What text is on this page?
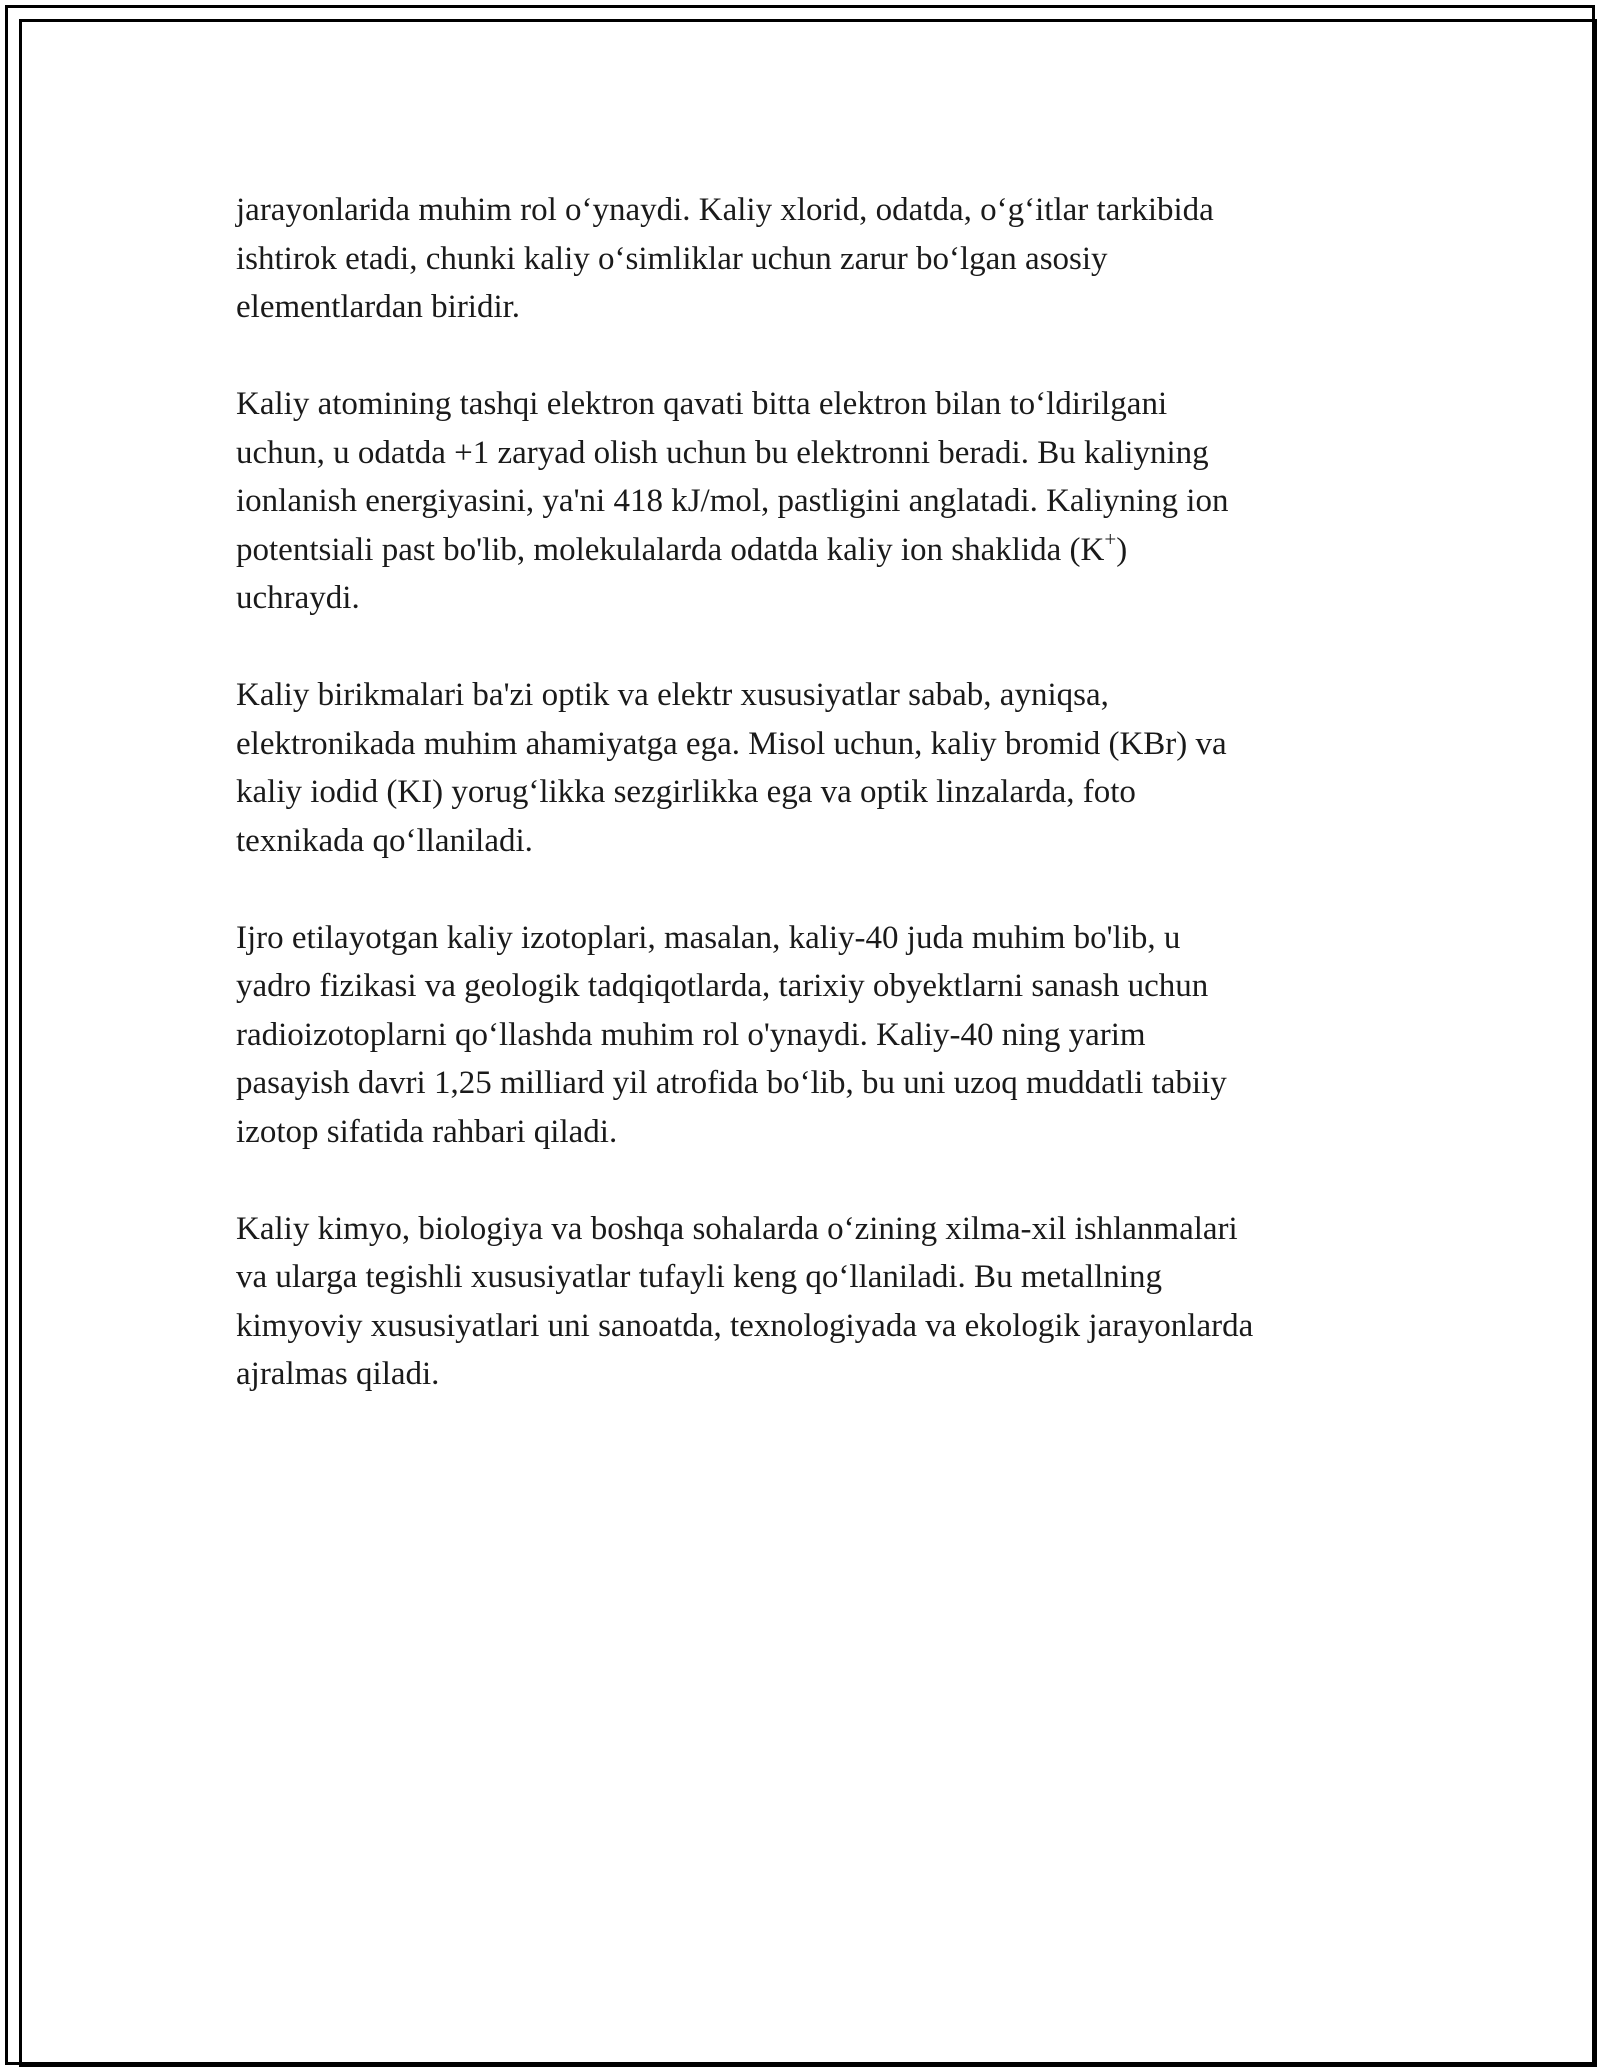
jarayonlarida muhim rol o‘ynaydi. Kaliy xlorid, odatda, o‘g‘itlar tarkibida
ishtirok etadi, chunki kaliy o‘simliklar uchun zarur bo‘lgan asosiy
elementlardan biridir.

Kaliy atomining tashqi elektron qavati bitta elektron bilan to‘ldirilgani
uchun, u odatda +1 zaryad olish uchun bu elektronni beradi. Bu kaliyning
ionlanish energiyasini, ya'ni 418 kJ/mol, pastligini anglatadi. Kaliyning ion
potentsiali past bo'lib, molekulalarda odatda kaliy ion shaklida (K+)
uchraydi.

Kaliy birikmalari ba'zi optik va elektr xususiyatlar sabab, ayniqsa,
elektronikada muhim ahamiyatga ega. Misol uchun, kaliy bromid (KBr) va
kaliy iodid (KI) yorug‘likka sezgirlikka ega va optik linzalarda, foto
texnikada qo‘llaniladi.

Ijro etilayotgan kaliy izotoplari, masalan, kaliy-40 juda muhim bo'lib, u
yadro fizikasi va geologik tadqiqotlarda, tarixiy obyektlarni sanash uchun
radioizotoplarni qo‘llashda muhim rol o'ynaydi. Kaliy-40 ning yarim
pasayish davri 1,25 milliard yil atrofida bo‘lib, bu uni uzoq muddatli tabiiy
izotop sifatida rahbari qiladi.

Kaliy kimyo, biologiya va boshqa sohalarda o‘zining xilma-xil ishlanmalari
va ularga tegishli xususiyatlar tufayli keng qo‘llaniladi. Bu metallning
kimyoviy xususiyatlari uni sanoatda, texnologiyada va ekologik jarayonlarda
ajralmas qiladi.
